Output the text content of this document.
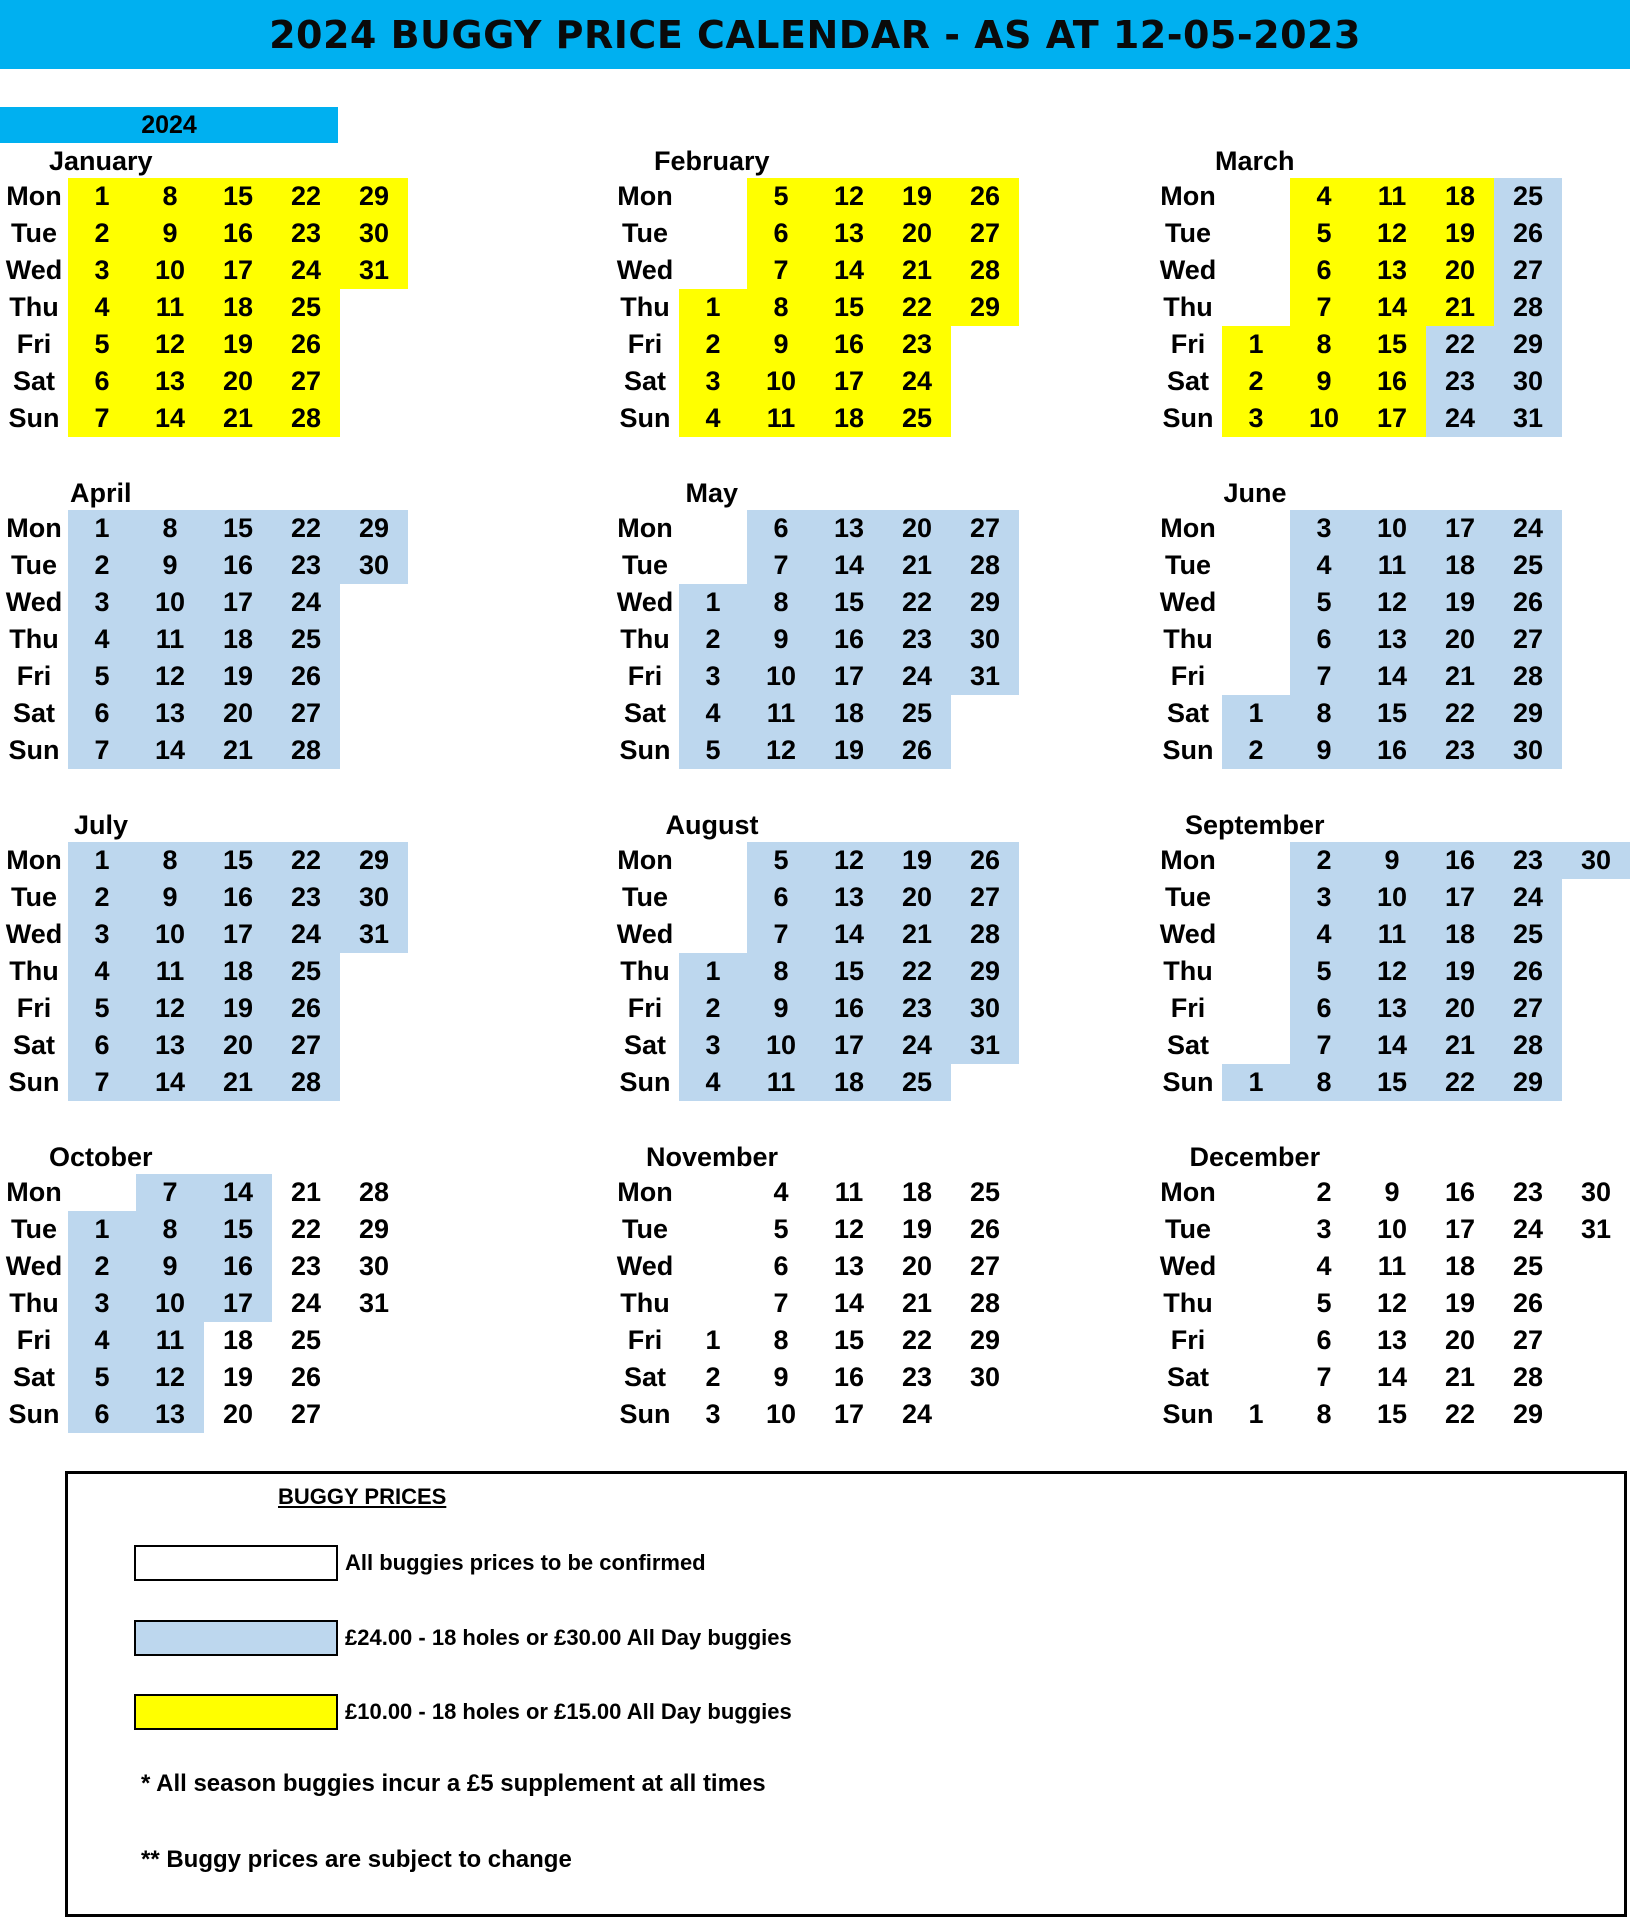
2024 BUGGY PRICE CALENDAR - AS AT 12-05-2023
2024
January
Mon
Tue
Wed
Thu
Fri
Sat
Sun
1
2
3
4
5
6
7
8
9
10
11
12
13
14
15
16
17
18
19
20
21
22
23
24
25
26
27
28
29
30
31
February
Mon
Tue
Wed
Thu
Fri
Sat
Sun
1
2
3
4
5
6
7
8
9
10
11
12
13
14
15
16
17
18
19
20
21
22
23
24
25
26
27
28
29
March
Mon
Tue
Wed
Thu
Fri
Sat
Sun
1
2
3
4
5
6
7
8
9
10
11
12
13
14
15
16
17
18
19
20
21
22
23
24
25
26
27
28
29
30
31
April
Mon
Tue
Wed
Thu
Fri
Sat
Sun
1
2
3
4
5
6
7
8
9
10
11
12
13
14
15
16
17
18
19
20
21
22
23
24
25
26
27
28
29
30
May
Mon
Tue
Wed
Thu
Fri
Sat
Sun
1
2
3
4
5
6
7
8
9
10
11
12
13
14
15
16
17
18
19
20
21
22
23
24
25
26
27
28
29
30
31
June
Mon
Tue
Wed
Thu
Fri
Sat
Sun
1
2
3
4
5
6
7
8
9
10
11
12
13
14
15
16
17
18
19
20
21
22
23
24
25
26
27
28
29
30
July
Mon
Tue
Wed
Thu
Fri
Sat
Sun
1
2
3
4
5
6
7
8
9
10
11
12
13
14
15
16
17
18
19
20
21
22
23
24
25
26
27
28
29
30
31
August
Mon
Tue
Wed
Thu
Fri
Sat
Sun
1
2
3
4
5
6
7
8
9
10
11
12
13
14
15
16
17
18
19
20
21
22
23
24
25
26
27
28
29
30
31
September
Mon
Tue
Wed
Thu
Fri
Sat
Sun	1
2
3
4
5
6
7
8
9
10
11
12
13
14
15
16
17
18
19
20
21
22
23
24
25
26
27
28
29
30
October
Mon
Tue
Wed
Thu
Fri
Sat
Sun
1
2
3
4
5
6
7
8
9
10
11
12
13
14
15
16
17
18
19
20
21
22
23
24
25
26
27
28
29
30
31
November
Mon
Tue
Wed
Thu
Fri
Sat
Sun
1
2
3
4
5
6
7
8
9
10
11
12
13
14
15
16
17
18
19
20
21
22
23
24
25
26
27
28
29
30
December
Mon
Tue
Wed
Thu
Fri
Sat
Sun	1
2
3
4
5
6
7
8
9
10
11
12
13
14
15
16
17
18
19
20
21
22
23
24
25
26
27
28
29
30
31
BUGGY PRICES
All buggies prices to be confirmed
£24.00 - 18 holes or £30.00 All Day buggies
£10.00 - 18 holes or £15.00 All Day buggies
* All season buggies incur a £5 supplement at all times
** Buggy prices are subject to change
